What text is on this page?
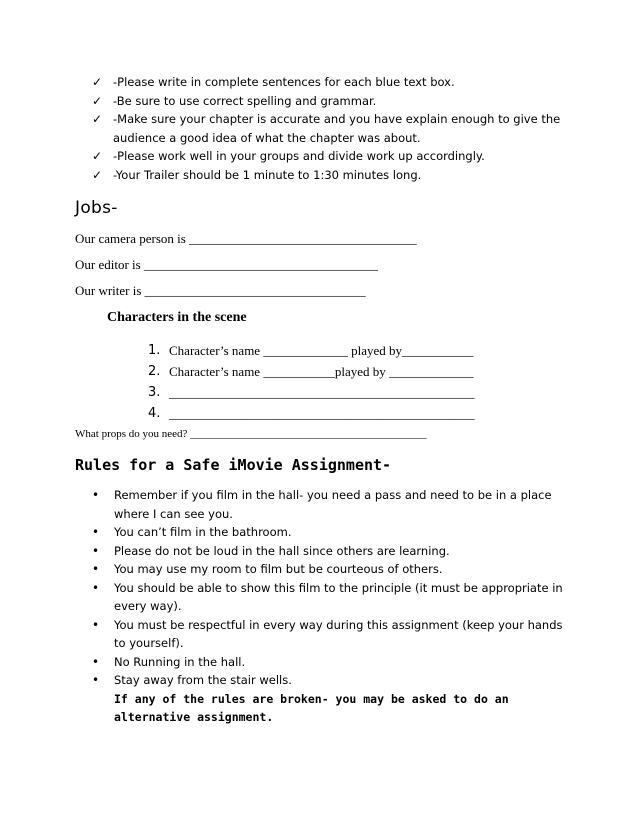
✓ -Please write in complete sentences for each blue text box.
✓ -Be sure to use correct spelling and grammar.
✓ -Make sure your chapter is accurate and you have explain enough to give the audience a good idea of what the chapter was about.
✓ -Please work well in your groups and divide work up accordingly.
✓ -Your Trailer should be 1 minute to 1:30 minutes long.
Jobs-
Our camera person is ___________________________________
Our editor is ____________________________________
Our writer is __________________________________
Characters in the scene
1. Character’s name _____________ played by___________
2. Character’s name ___________played by _____________
3. _______________________________________________
4. _______________________________________________
What props do you need? ___________________________________________
Rules for a Safe iMovie Assignment-
•	Remember if you film in the hall- you need a pass and need to be in a place where I can see you.
•	You can’t film in the bathroom.
•	Please do not be loud in the hall since others are learning.
•	You may use my room to film but be courteous of others.
•	You should be able to show this film to the principle (it must be appropriate in every way).
•	You must be respectful in every way during this assignment (keep your hands to yourself).
•	No Running in the hall.
•	Stay away from the stair wells.
If any of the rules are broken- you may be asked to do an alternative assignment.
